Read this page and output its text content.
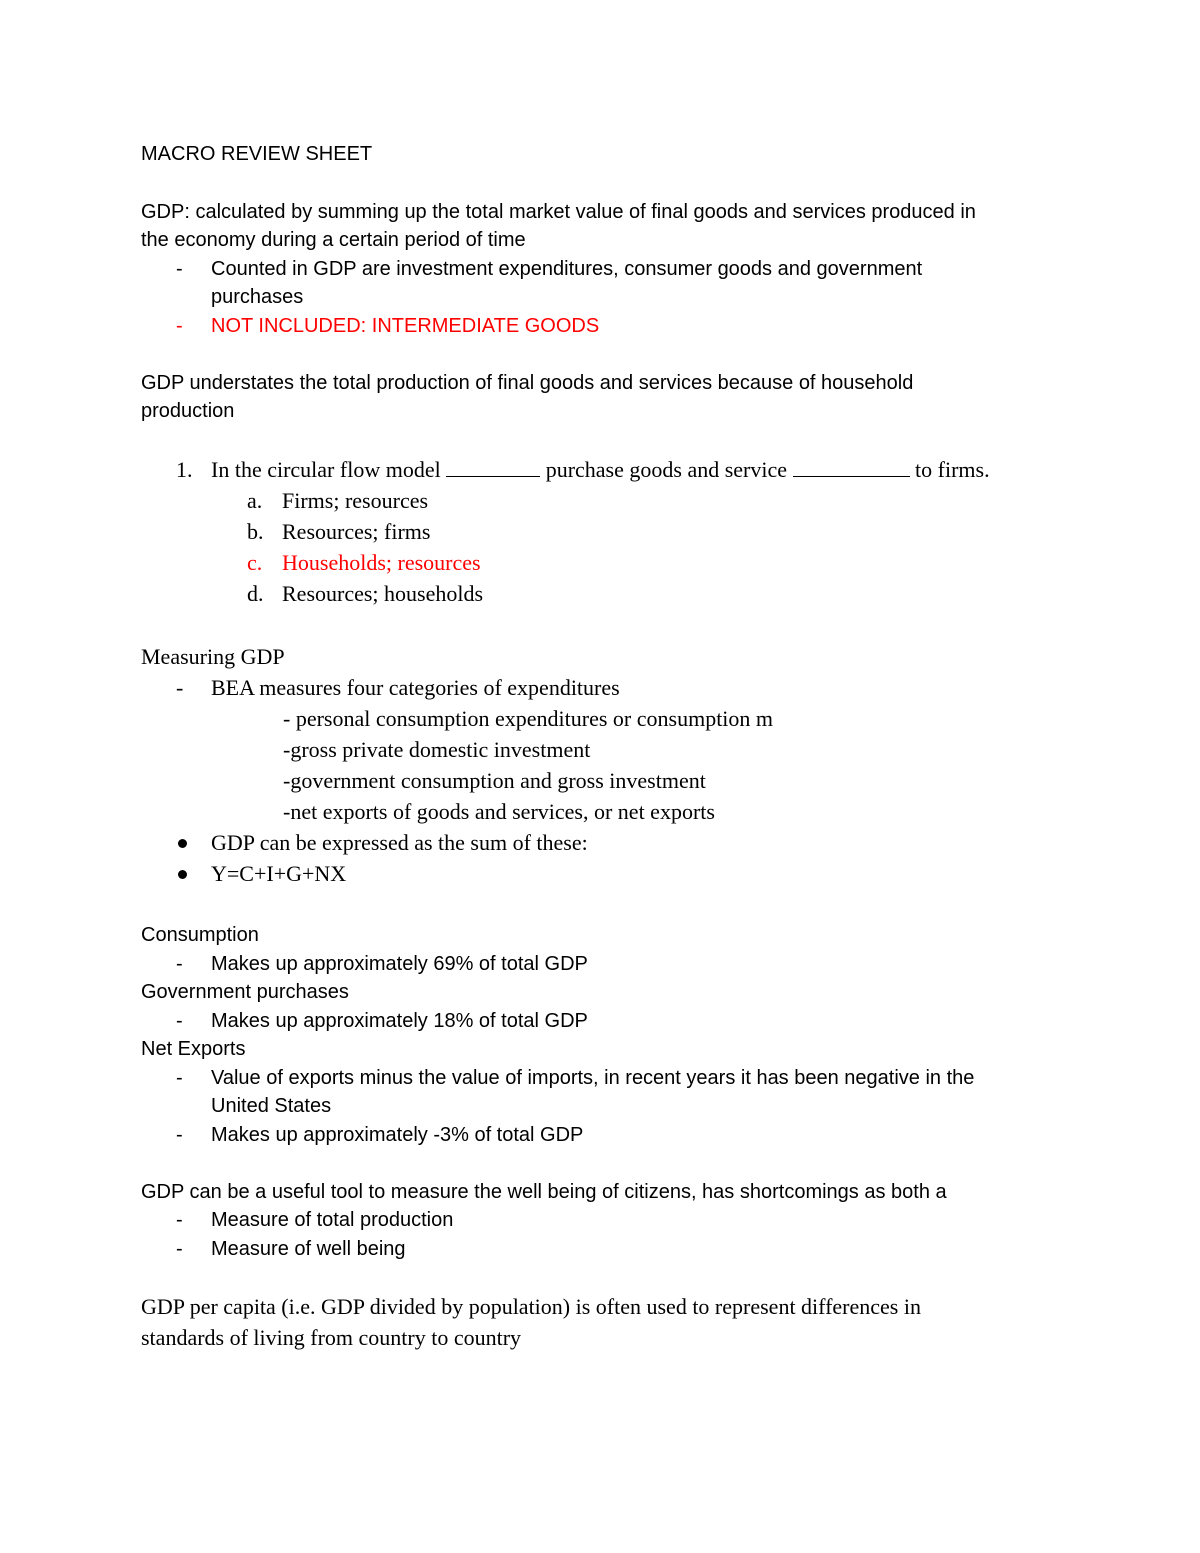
MACRO REVIEW SHEET
GDP: calculated by summing up the total market value of final goods and services produced in
the economy during a certain period of time
- Counted in GDP are investment expenditures, consumer goods and government
purchases
- NOT INCLUDED: INTERMEDIATE GOODS
GDP understates the total production of final goods and services because of household
production
1. In the circular flow model	purchase goods and service	to firms.
a. Firms; resources
b. Resources; firms
c. Households; resources
d. Resources; households
Measuring GDP
- BEA measures four categories of expenditures
- personal consumption expenditures or consumption m
-gross private domestic investment
-government consumption and gross investment
-net exports of goods and services, or net exports
GDP can be expressed as the sum of these:
Y=C+I+G+NX
Consumption
- Makes up approximately 69% of total GDP
Government purchases
- Makes up approximately 18% of total GDP
Net Exports
- Value of exports minus the value of imports, in recent years it has been negative in the
United States
- Makes up approximately -3% of total GDP
GDP can be a useful tool to measure the well being of citizens, has shortcomings as both a
- Measure of total production
- Measure of well being
GDP per capita (i.e. GDP divided by population) is often used to represent differences in
standards of living from country to country
